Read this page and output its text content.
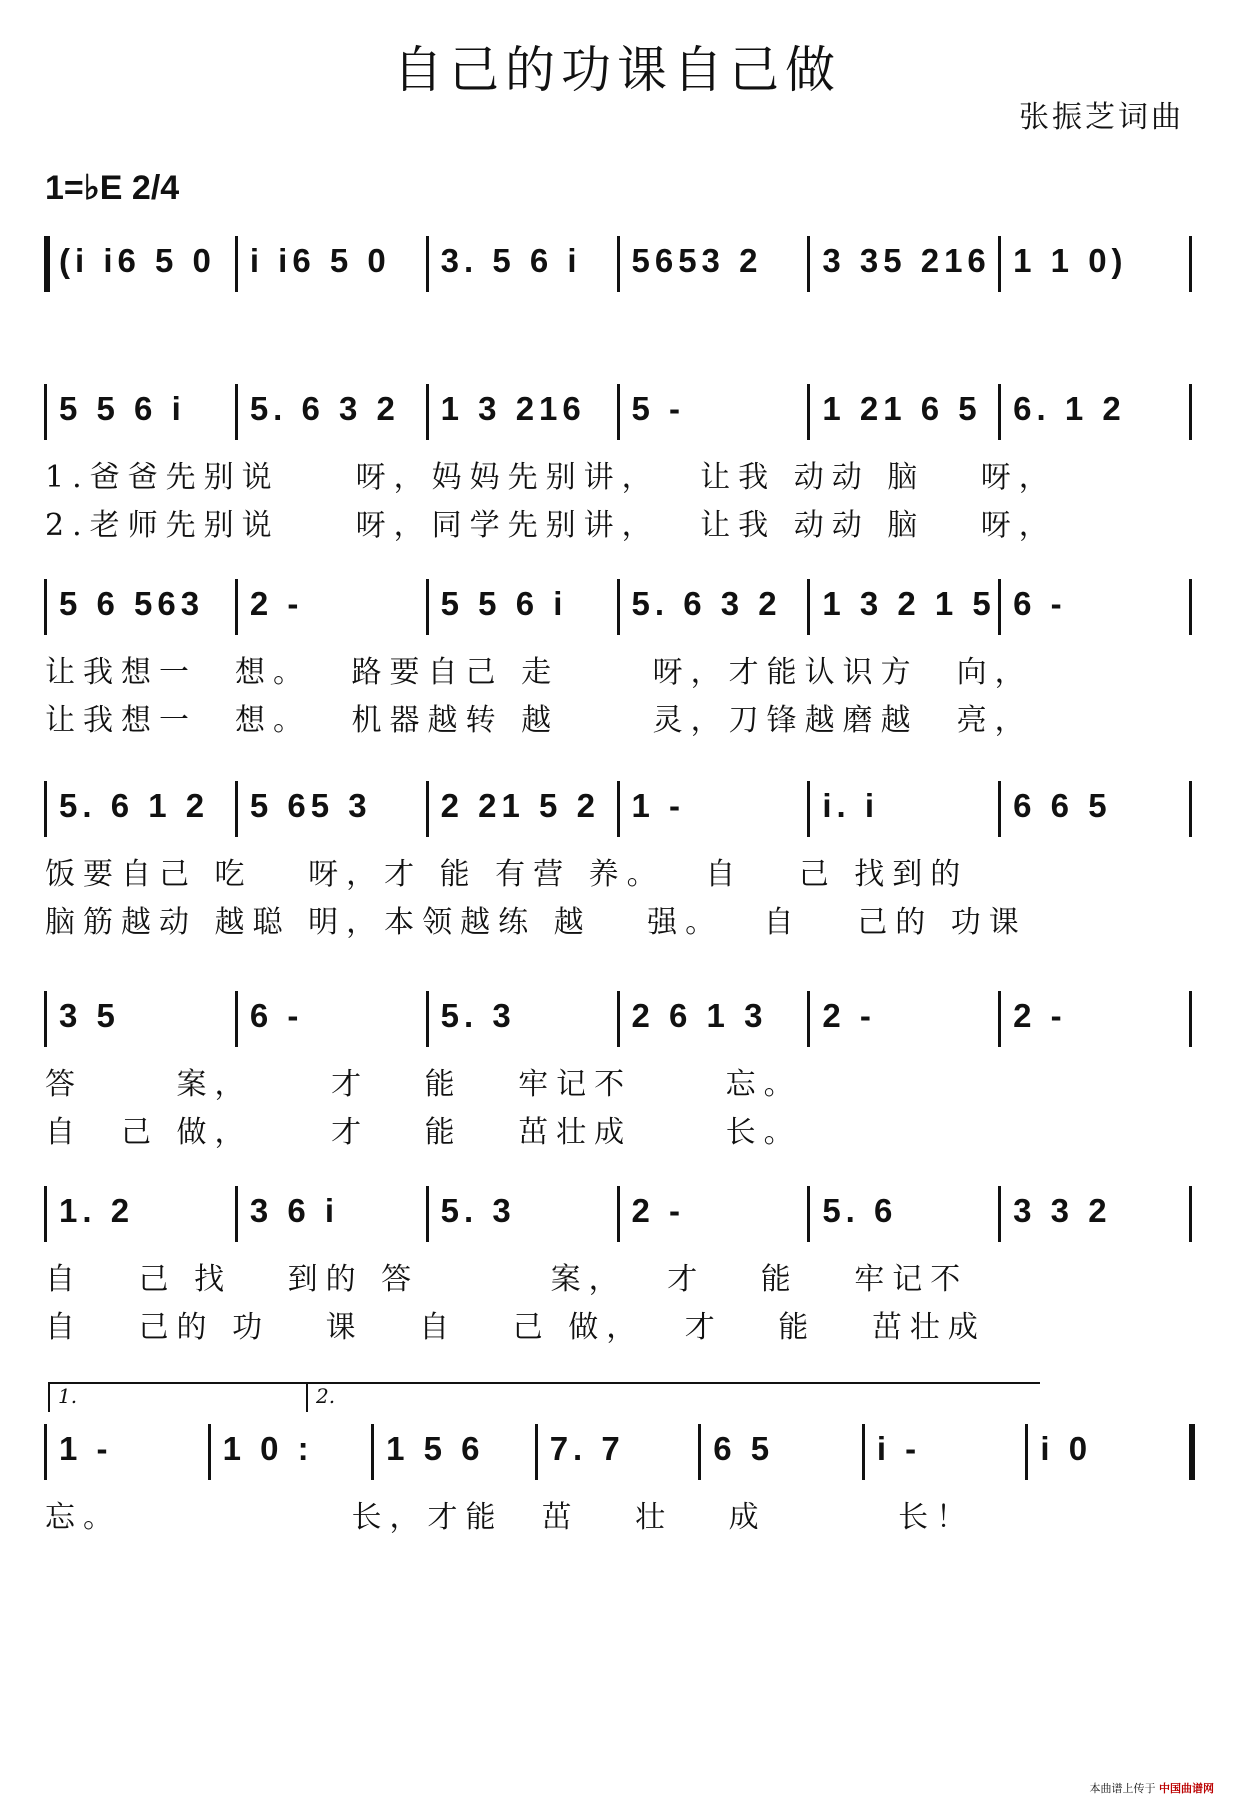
自己的功课自己做
张振芝词曲
1=♭E 2/4
(i i6 5 0	i i6 5 0	3. 5 6 i	5653 2	3 35 216 1 1 0)
5 5 6 i	5. 6 3 2	1 3 216	5 -	1 21 6 5 6. 1 2
1.爸爸先别说　　呀，妈妈先别讲，　 让我 动动 脑　 呀，
2.老师先别说　　呀，同学先别讲，　 让我 动动 脑　 呀，
5 6 563	2 -	5 5 6 i	5. 6 3 2	1 3 2 1 5 6 -
让我想一　想。　 路要自己 走　　 呀，才能认识方　向，
让我想一　想。　 机器越转 越　　 灵，刀锋越磨越　亮，
5. 6 1 2	5 65 3	2 21 5 2 1 -	i. i	6 6 5
饭要自己 吃　 呀，才 能 有营 养。　 自　 己 找到的
脑筋越动 越聪 明，本领越练 越　 强。　 自　 己的 功课
3 5	6 -	5. 3	2 6 1 3	2 -	2 -
答　　 案，　　 才　 能　 牢记不　　 忘。
自　己 做，　　 才　 能　 茁壮成　　 长。
1. 2	3 6 i	5. 3	2 -	5. 6	3 3 2
自　 己 找　 到的 答　　　 案，　 才　 能　 牢记不
自　 己的 功　 课　 自　 己 做，　 才　 能　 茁壮成
1 -	1 0 :	1 5 6	7. 7	6 5	i -	i 0
忘。　　　　　　 长，才能　茁　 壮　 成　　　 长！
1.	2.
本曲谱上传于 中国曲谱网
